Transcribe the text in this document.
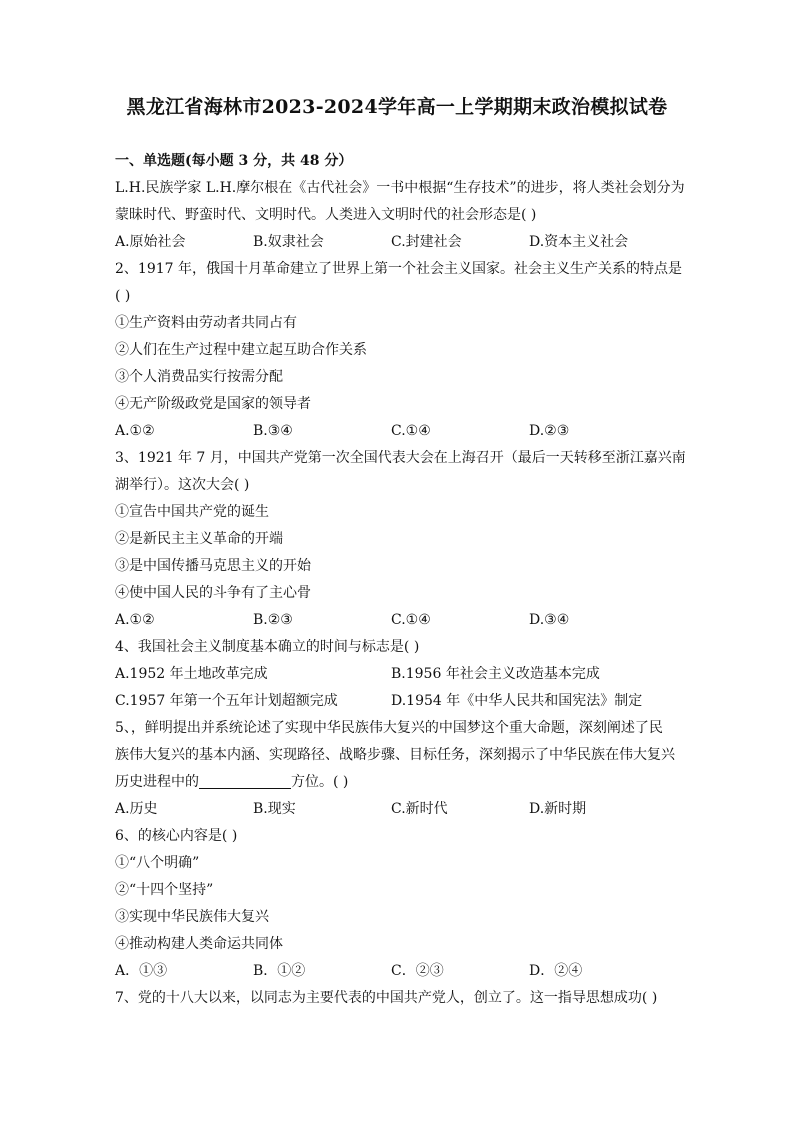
黑龙江省海林市2023-2024学年高一上学期期末政治模拟试卷
一、单选题(每小题 3 分，共 48 分）
L.H.民族学家 L.H.摩尔根在《古代社会》一书中根据“生存技术”的进步，将人类社会划分为
蒙昧时代、野蛮时代、文明时代。人类进入文明时代的社会形态是( )
A.原始社会	B.奴隶社会	C.封建社会	D.资本主义社会
2、1917 年，俄国十月革命建立了世界上第一个社会主义国家。社会主义生产关系的特点是
( )
①生产资料由劳动者共同占有
②人们在生产过程中建立起互助合作关系
③个人消费品实行按需分配
④无产阶级政党是国家的领导者
A.①②	B.③④	C.①④	D.②③
3、1921 年 7 月，中国共产党第一次全国代表大会在上海召开（最后一天转移至浙江嘉兴南
湖举行）。这次大会( )
①宣告中国共产党的诞生
②是新民主主义革命的开端
③是中国传播马克思主义的开始
④使中国人民的斗争有了主心骨
A.①②	B.②③	C.①④	D.③④
4、我国社会主义制度基本确立的时间与标志是( )
A.1952 年土地改革完成	B.1956 年社会主义改造基本完成
C.1957 年第一个五年计划超额完成	D.1954 年《中华人民共和国宪法》制定
5、，鲜明提出并系统论述了实现中华民族伟大复兴的中国梦这个重大命题，深刻阐述了民
族伟大复兴的基本内涵、实现路径、战略步骤、目标任务，深刻揭示了中华民族在伟大复兴
历史进程中的	方位。( )
A.历史	B.现实	C.新时代	D.新时期
6、的核心内容是( )
①“八个明确”
②“十四个坚持”
③实现中华民族伟大复兴
④推动构建人类命运共同体
A．①③	B．①②	C．②③	D．②④
7、党的十八大以来，以同志为主要代表的中国共产党人，创立了。这一指导思想成功( )
